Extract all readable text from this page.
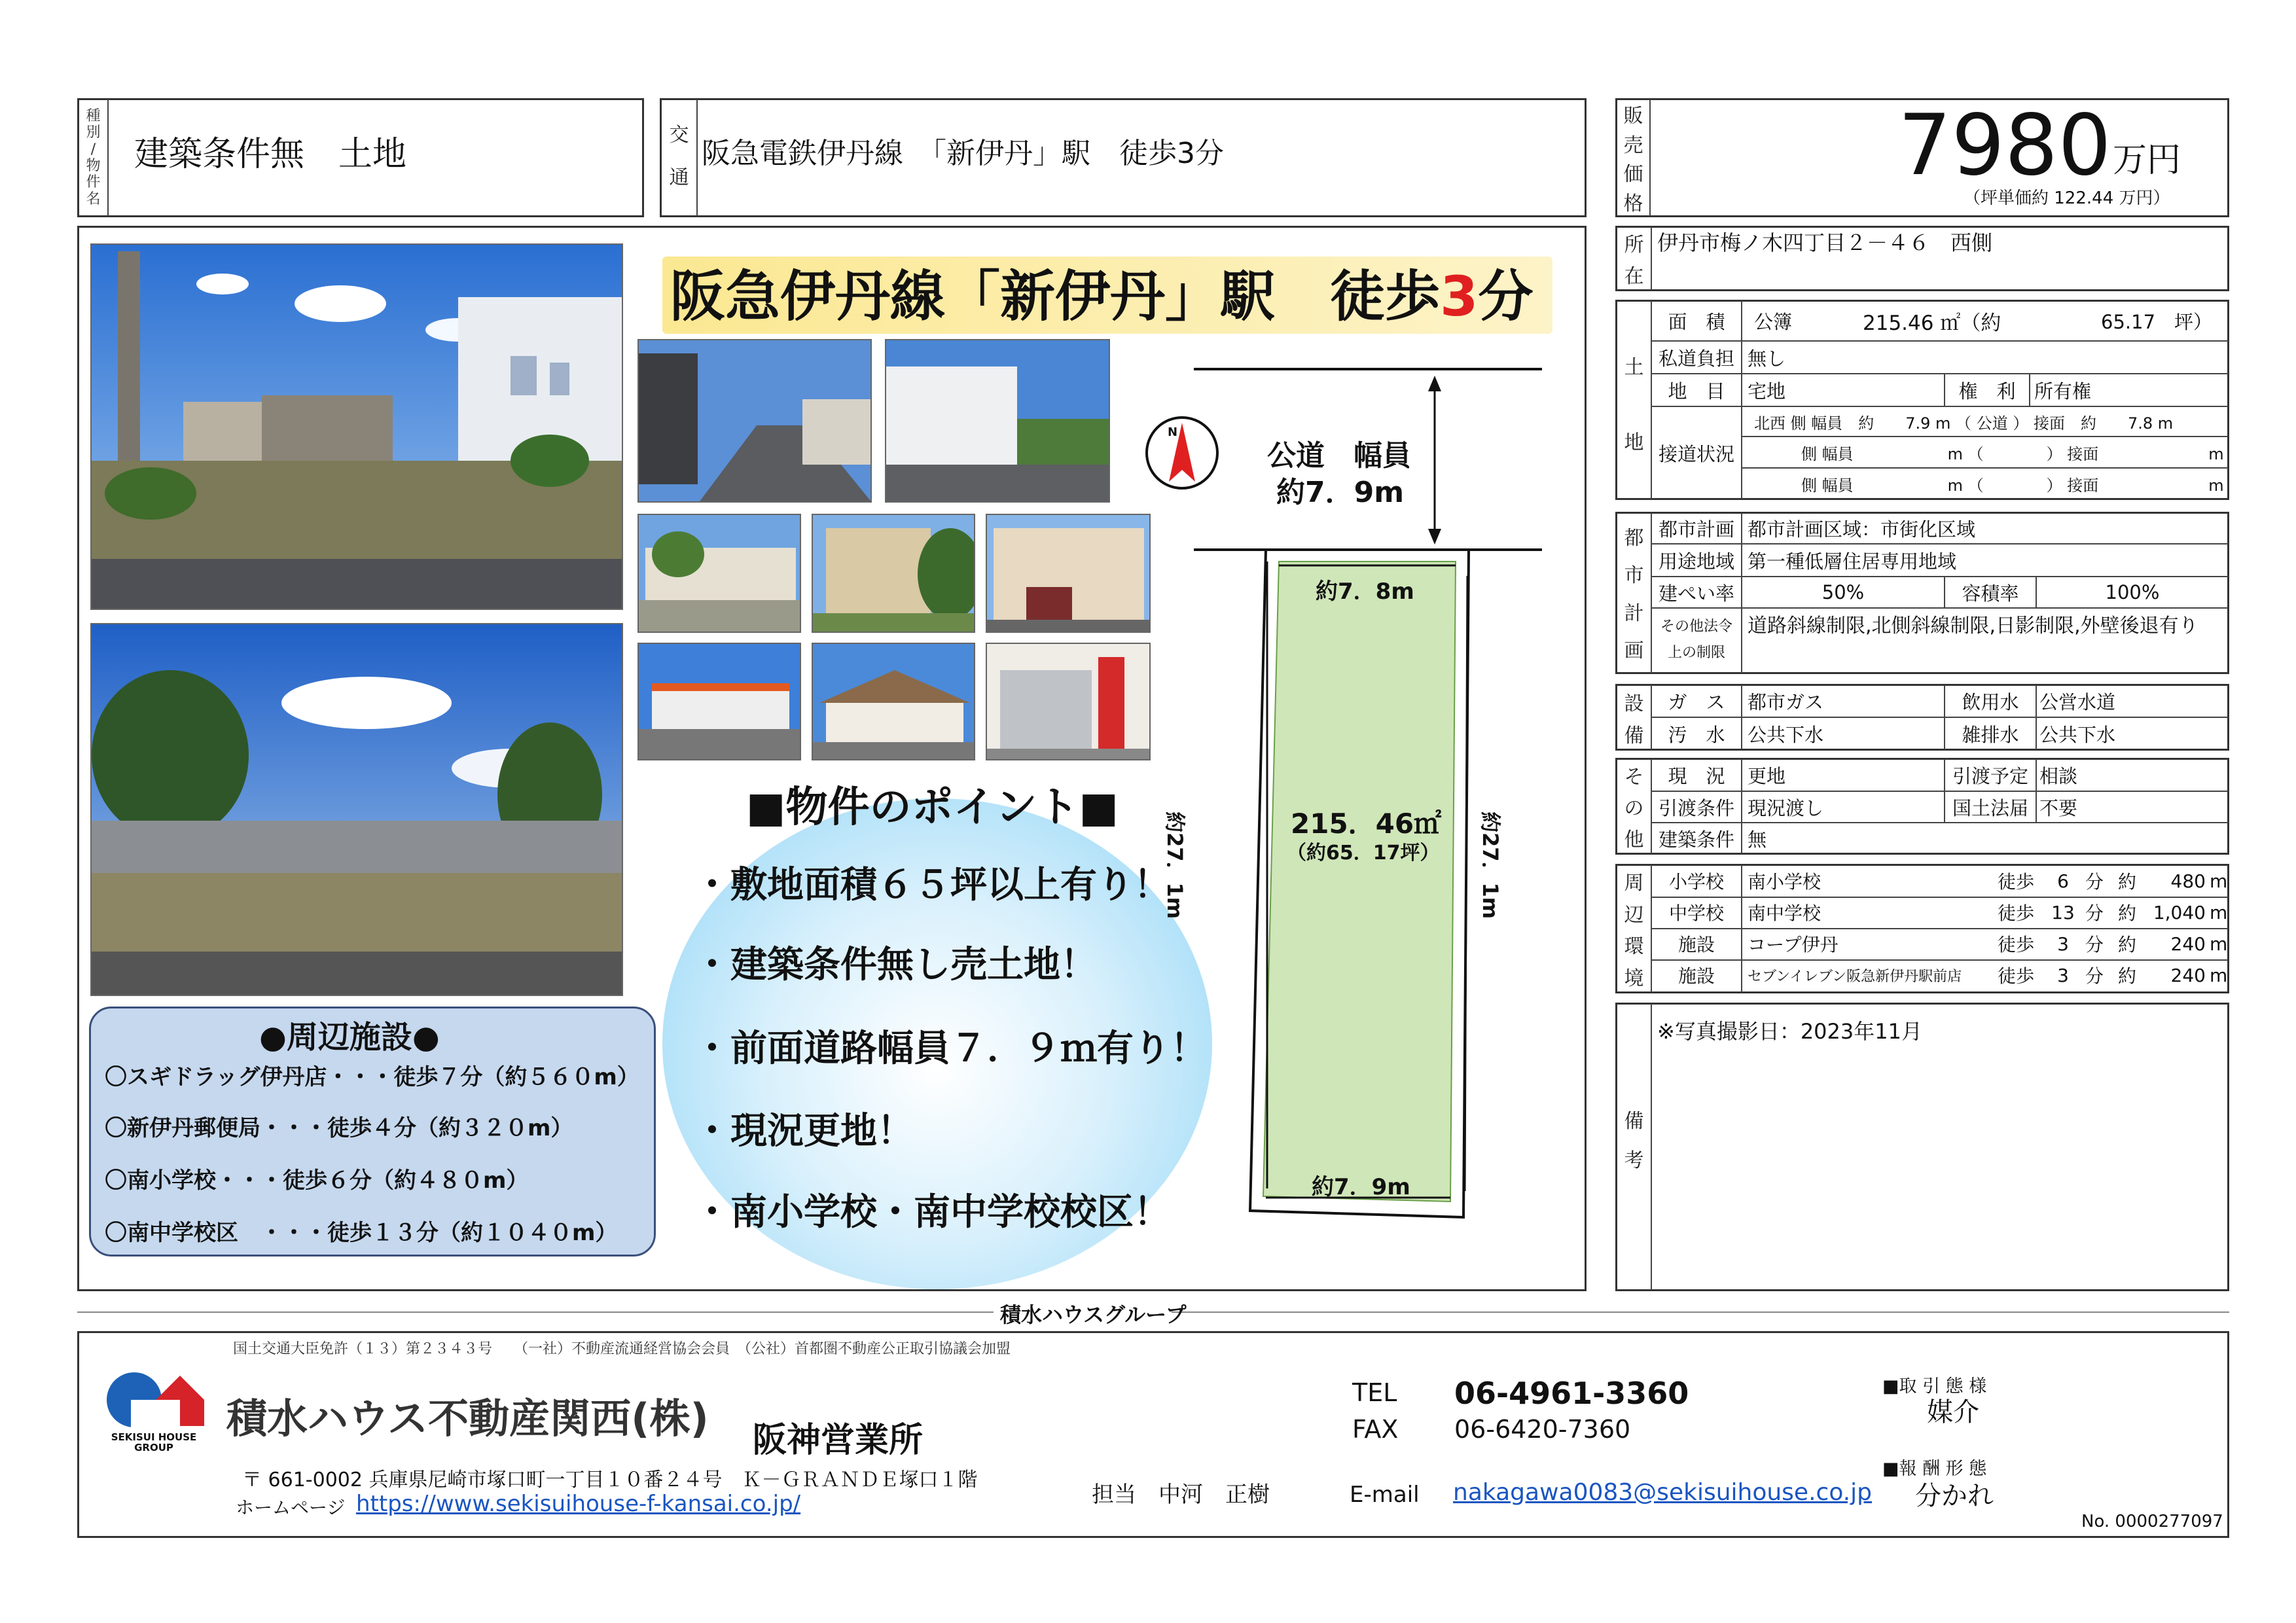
種
別
/
物
件
名
建築条件無　土地	交
通
阪急電鉄伊丹線　「新伊丹」駅　徒歩3分
販
売
価
格
7980 万円
（坪単価約 122.44 万円）
阪急伊丹線「新伊丹」駅　徒歩3分
■物件のポイント■
・敷地面積６５坪以上有り！
・建築条件無し売土地！
・前面道路幅員７．９ｍ有り！
・現況更地！
・南小学校・南中学校校区！
●周辺施設●
〇スギドラッグ伊丹店・・・徒歩７分（約５６０m）
〇新伊丹郵便局・・・徒歩４分（約３２０m）
〇南小学校・・・徒歩６分（約４８０m）
〇南中学校区　・・・徒歩１３分（約１０４０m）
N
公道　幅員
約7．9m
約7．8m
約7．9m
215．46㎡
（約65．17坪）
約27．1m	約27．1m
所
在
伊丹市梅ノ木四丁目２－４６　西側
土
地
面　積	公簿	215.46 ㎡（約	65.17　坪）
私道負担 無し
地　目	宅地	権　利 所有権
接道状況
北西 側 幅員　約　　7.9 m （ 公道 ） 接面　約　　7.8 m
　　　側 幅員　　　　　　m （　　　　） 接面　　　　　　　m
　　　側 幅員　　　　　　m （　　　　） 接面　　　　　　　m
都
市
計
画
都市計画 都市計画区域：市街化区域
用途地域 第一種低層住居専用地域
建ぺい率	50%	容積率	100%
その他法令
上の制限
道路斜線制限,北側斜線制限,日影制限,外壁後退有り
設
備
ガ　ス	都市ガス	飲用水	公営水道
汚　水	公共下水	雑排水	公共下水
そ
の
他
現　況	更地	引渡予定 相談
引渡条件 現況渡し	国土法届 不要
建築条件 無
周
辺
環
境
小学校	南小学校	徒歩	6 分 約	480 m
中学校	南中学校	徒歩 13 分 約 1,040 m
施設	コープ伊丹	徒歩	3 分 約	240 m
施設	セブンイレブン阪急新伊丹駅前店	徒歩	3 分 約	240 m
備
考
※写真撮影日：2023年11月
積水ハウスグループ
国土交通大臣免許（１３）第２３４３号　　（一社）不動産流通経営協会会員　（公社）首都圏不動産公正取引協議会加盟
SEKISUI HOUSE
GROUP
積水ハウス不動産関西(株) 阪神営業所
〒 661-0002 兵庫県尼崎市塚口町一丁目１０番２４号　Ｋ－ＧＲＡＮＤＥ塚口１階
ホームページ https://www.sekisuihouse-f-kansai.co.jp/	担当　中河　正樹
TEL 06-4961-3360
FAX 06-6420-7360
E-mail nakagawa0083@sekisuihouse.co.jp
■取 引 態 様
媒介
■報 酬 形 態
分かれ
No. 0000277097
